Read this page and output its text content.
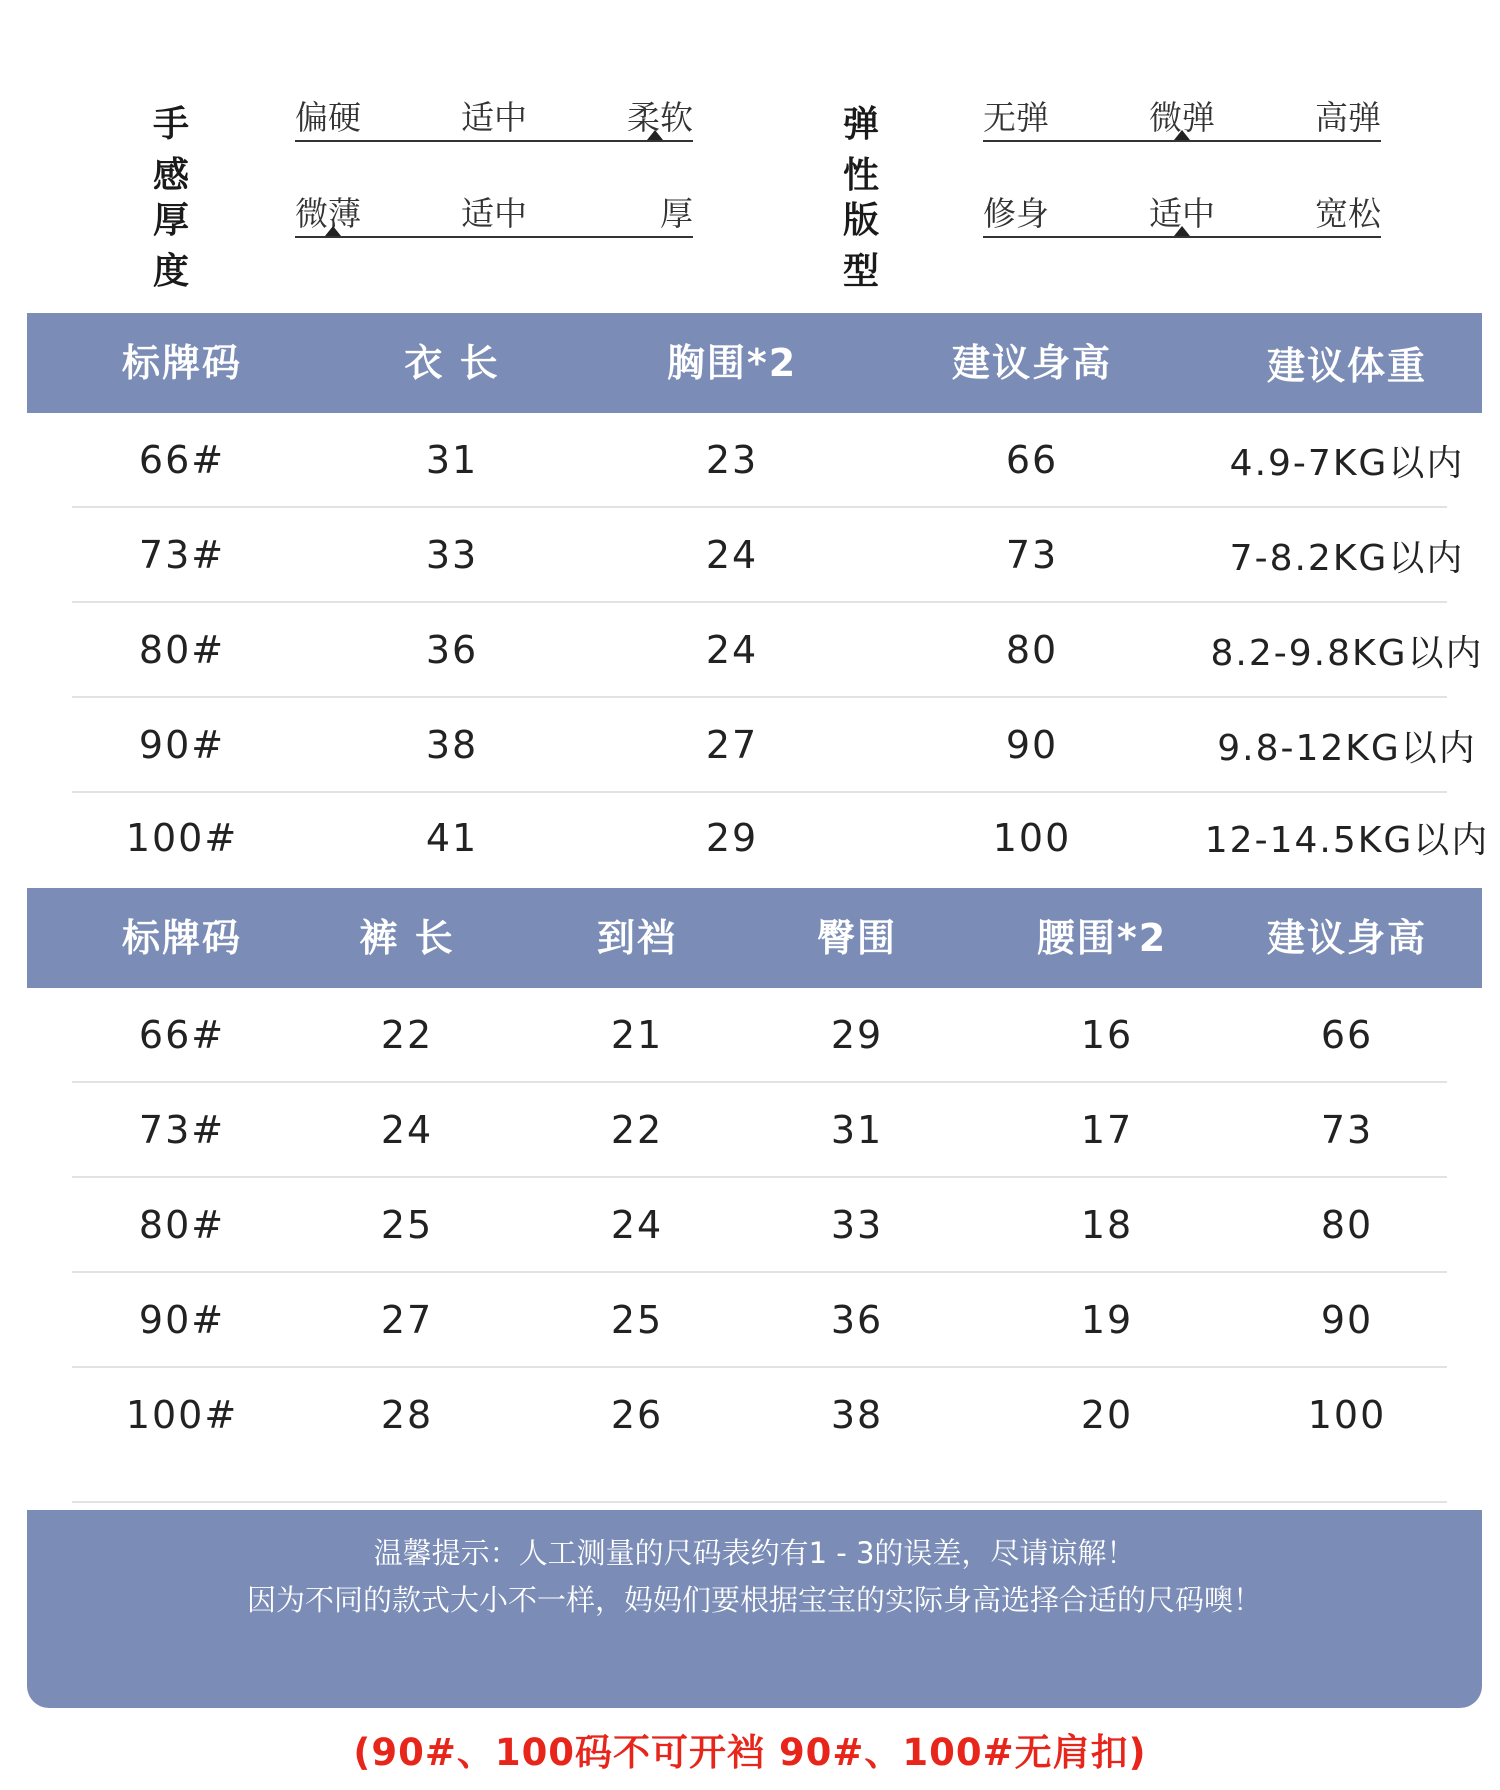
手感
偏硬	适中	柔软	弹性
无弹	微弹	高弹
厚度
微薄	适中	厚	版型
修身	适中	宽松
标牌码	衣 长	胸围*2	建议身高	建议体重
66#	31	23	66	4.9-7KG以内
73#	33	24	73	7-8.2KG以内
80#	36	24	80	8.2-9.8KG以内
90#	38	27	90	9.8-12KG以内
100#	41	29	100	12-14.5KG以内
标牌码	裤 长	到裆	臀围	腰围*2	建议身高
66#	22	21	29	16	66
73#	24	22	31	17	73
80#	25	24	33	18	80
90#	27	25	36	19	90
100#	28	26	38	20	100
温馨提示：人工测量的尺码表约有1 - 3的误差，尽请谅解！
因为不同的款式大小不一样，妈妈们要根据宝宝的实际身高选择合适的尺码噢！
(90#、100码不可开裆 90#、100#无肩扣)
